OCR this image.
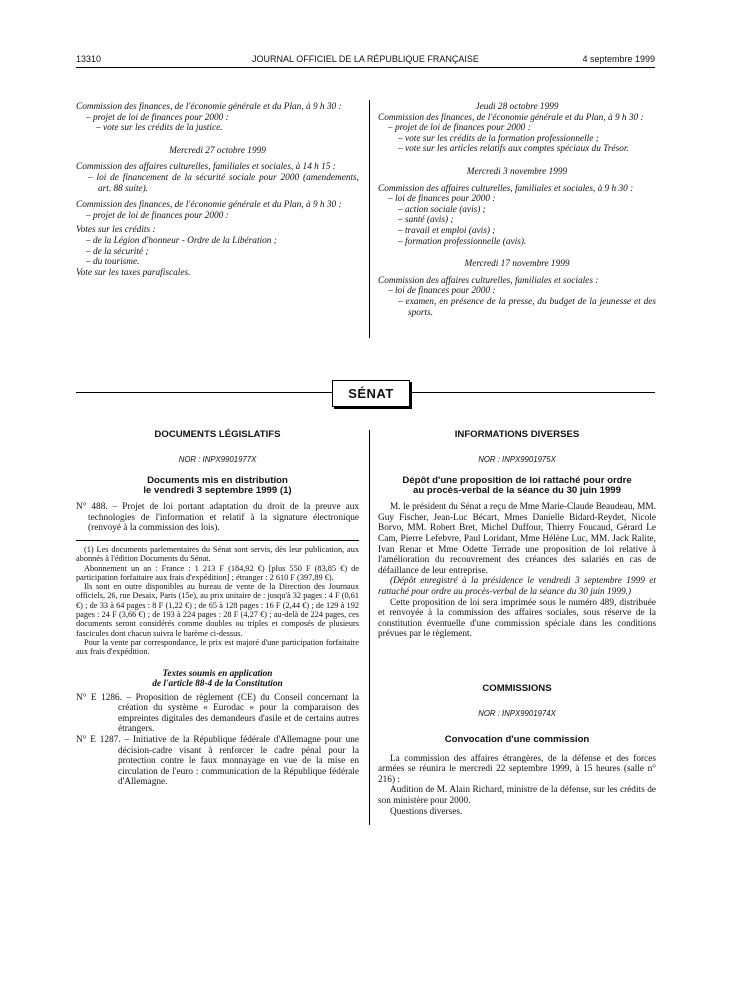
13310	JOURNAL OFFICIEL DE LA RÉPUBLIQUE FRANÇAISE	4 septembre 1999

Commission des finances, de l'économie générale et du Plan, à 9 h 30 :

– projet de loi de finances pour 2000 :

– vote sur les crédits de la justice.

Mercredi 27 octobre 1999

Commission des affaires culturelles, familiales et sociales, à 14 h 15 :

– loi de financement de la sécurité sociale pour 2000 (amendements, art. 88 suite).

Commission des finances, de l'économie générale et du Plan, à 9 h 30 :

– projet de loi de finances pour 2000 :

Votes sur les crédits :

– de la Légion d'honneur - Ordre de la Libération ;

– de la sécurité ;

– du tourisme.

Vote sur les taxes parafiscales.

Jeudi 28 octobre 1999

Commission des finances, de l'économie générale et du Plan, à 9 h 30 :

– projet de loi de finances pour 2000 :

– vote sur les crédits de la formation professionnelle ;

– vote sur les articles relatifs aux comptes spéciaux du Trésor.

Mercredi 3 novembre 1999

Commission des affaires culturelles, familiales et sociales, à 9 h 30 :

– loi de finances pour 2000 :

– action sociale (avis) ;

– santé (avis) ;

– travail et emploi (avis) ;

– formation professionnelle (avis).

Mercredi 17 novembre 1999

Commission des affaires culturelles, familiales et sociales :

– loi de finances pour 2000 :

– examen, en présence de la presse, du budget de la jeunesse et des sports.

SÉNAT

DOCUMENTS LÉGISLATIFS

NOR : INPX9901977X

Documents mis en distribution
le vendredi 3 septembre 1999 (1)

N° 488. – Projet de loi portant adaptation du droit de la preuve aux technologies de l'information et relatif à la signature électronique (renvoyé à la commission des lois).

(1) Les documents parlementaires du Sénat sont servis, dès leur publication, aux abonnés à l'édition Documents du Sénat.

Abonnement un an : France : 1 213 F (184,92 €) [plus 550 F (83,85 €) de participation forfaitaire aux frais d'expédition] ; étranger : 2 610 F (397,89 €).

Ils sont en outre disponibles au bureau de vente de la Direction des Journaux officiels, 26, rue Desaix, Paris (15e), au prix unitaire de : jusqu'à 32 pages : 4 F (0,61 €) ; de 33 à 64 pages : 8 F (1,22 €) ; de 65 à 128 pages : 16 F (2,44 €) ; de 129 à 192 pages : 24 F (3,66 €) ; de 193 à 224 pages : 28 F (4,27 €) ; au-delà de 224 pages, ces documents seront considérés comme doubles ou triples et composés de plusieurs fascicules dont chacun suivra le barème ci-dessus.

Pour la vente par correspondance, le prix est majoré d'une participation forfaitaire aux frais d'expédition.

Textes soumis en application
de l'article 88-4 de la Constitution

N° E 1286. – Proposition de règlement (CE) du Conseil concernant la création du système « Eurodac » pour la comparaison des empreintes digitales des demandeurs d'asile et de certains autres étrangers.

N° E 1287. – Initiative de la République fédérale d'Allemagne pour une décision-cadre visant à renforcer le cadre pénal pour la protection contre le faux monnayage en vue de la mise en circulation de l'euro : communication de la République fédérale d'Allemagne.

INFORMATIONS DIVERSES

NOR : INPX9901975X

Dépôt d'une proposition de loi rattaché pour ordre
au procès-verbal de la séance du 30 juin 1999

M. le président du Sénat a reçu de Mme Marie-Claude Beaudeau, MM. Guy Fischer, Jean-Luc Bécart, Mmes Danielle Bidard-Reydet, Nicole Borvo, MM. Robert Bret, Michel Duffour, Thierry Foucaud, Gérard Le Cam, Pierre Lefebvre, Paul Loridant, Mme Hélène Luc, MM. Jack Ralite, Ivan Renar et Mme Odette Terrade une proposition de loi relative à l'amélioration du recouvrement des créances des salariés en cas de défaillance de leur entreprise.

(Dépôt enregistré à la présidence le vendredi 3 septembre 1999 et rattaché pour ordre au procès-verbal de la séance du 30 juin 1999.)

Cette proposition de loi sera imprimée sous le numéro 489, distribuée et renvoyée à la commission des affaires sociales, sous réserve de la constitution éventuelle d'une commission spéciale dans les conditions prévues par le règlement.

COMMISSIONS

NOR : INPX9901974X

Convocation d'une commission

La commission des affaires étrangères, de la défense et des forces armées se réunira le mercredi 22 septembre 1999, à 15 heures (salle n° 216) :

Audition de M. Alain Richard, ministre de la défense, sur les crédits de son ministère pour 2000.

Questions diverses.
